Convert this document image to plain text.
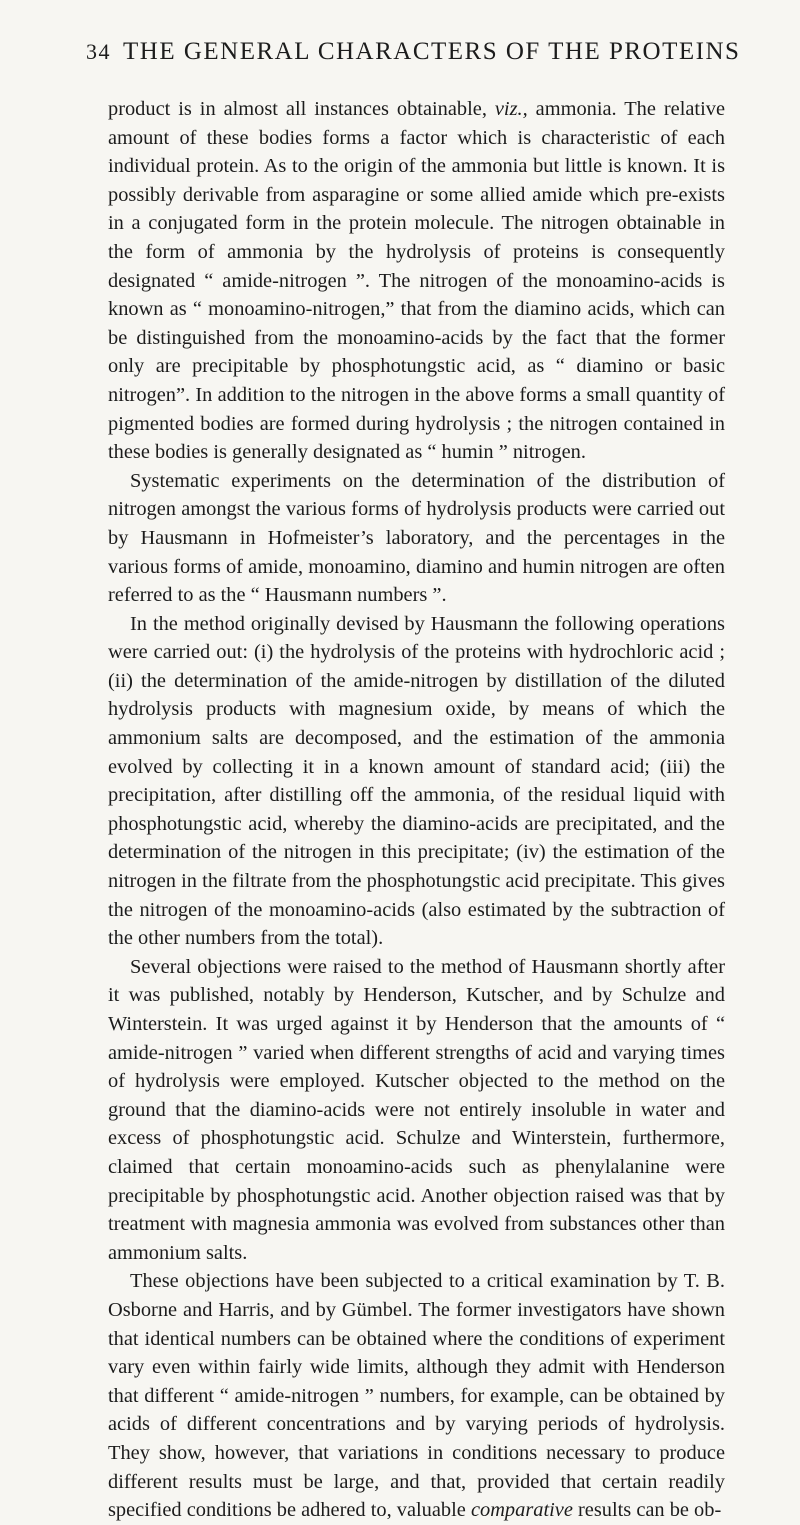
34 THE GENERAL CHARACTERS OF THE PROTEINS

product is in almost all instances obtainable, viz., ammonia. The relative amount of these bodies forms a factor which is characteristic of each individual protein. As to the origin of the ammonia but little is known. It is possibly derivable from asparagine or some allied amide which pre-exists in a conjugated form in the protein molecule. The nitrogen obtainable in the form of ammonia by the hydrolysis of proteins is consequently designated “ amide-nitrogen ”. The nitrogen of the monoamino-acids is known as “ monoamino-nitrogen,” that from the diamino acids, which can be distinguished from the monoamino-acids by the fact that the former only are precipitable by phosphotungstic acid, as “ diamino or basic nitrogen”. In addition to the nitrogen in the above forms a small quantity of pigmented bodies are formed during hydrolysis ; the nitrogen contained in these bodies is generally designated as “ humin ” nitrogen.

Systematic experiments on the determination of the distribution of nitrogen amongst the various forms of hydrolysis products were carried out by Hausmann in Hofmeister’s laboratory, and the percentages in the various forms of amide, monoamino, diamino and humin nitrogen are often referred to as the “ Hausmann numbers ”.

In the method originally devised by Hausmann the following operations were carried out: (i) the hydrolysis of the proteins with hydrochloric acid ; (ii) the determination of the amide-nitrogen by distillation of the diluted hydrolysis products with magnesium oxide, by means of which the ammonium salts are decomposed, and the estimation of the ammonia evolved by collecting it in a known amount of standard acid; (iii) the precipitation, after distilling off the ammonia, of the residual liquid with phosphotungstic acid, whereby the diamino-acids are precipitated, and the determination of the nitrogen in this precipitate; (iv) the estimation of the nitrogen in the filtrate from the phosphotungstic acid precipitate. This gives the nitrogen of the monoamino-acids (also estimated by the subtraction of the other numbers from the total).

Several objections were raised to the method of Hausmann shortly after it was published, notably by Henderson, Kutscher, and by Schulze and Winterstein. It was urged against it by Henderson that the amounts of “ amide-nitrogen ” varied when different strengths of acid and varying times of hydrolysis were employed. Kutscher objected to the method on the ground that the diamino-acids were not entirely insoluble in water and excess of phosphotungstic acid. Schulze and Winterstein, furthermore, claimed that certain monoamino-acids such as phenylalanine were precipitable by phosphotungstic acid. Another objection raised was that by treatment with magnesia ammonia was evolved from substances other than ammonium salts.

These objections have been subjected to a critical examination by T. B. Osborne and Harris, and by Gümbel. The former investigators have shown that identical numbers can be obtained where the conditions of experiment vary even within fairly wide limits, although they admit with Henderson that different “ amide-nitrogen ” numbers, for example, can be obtained by acids of different concentrations and by varying periods of hydrolysis. They show, however, that variations in conditions necessary to produce different results must be large, and that, provided that certain readily specified conditions be adhered to, valuable comparative results can be ob-
